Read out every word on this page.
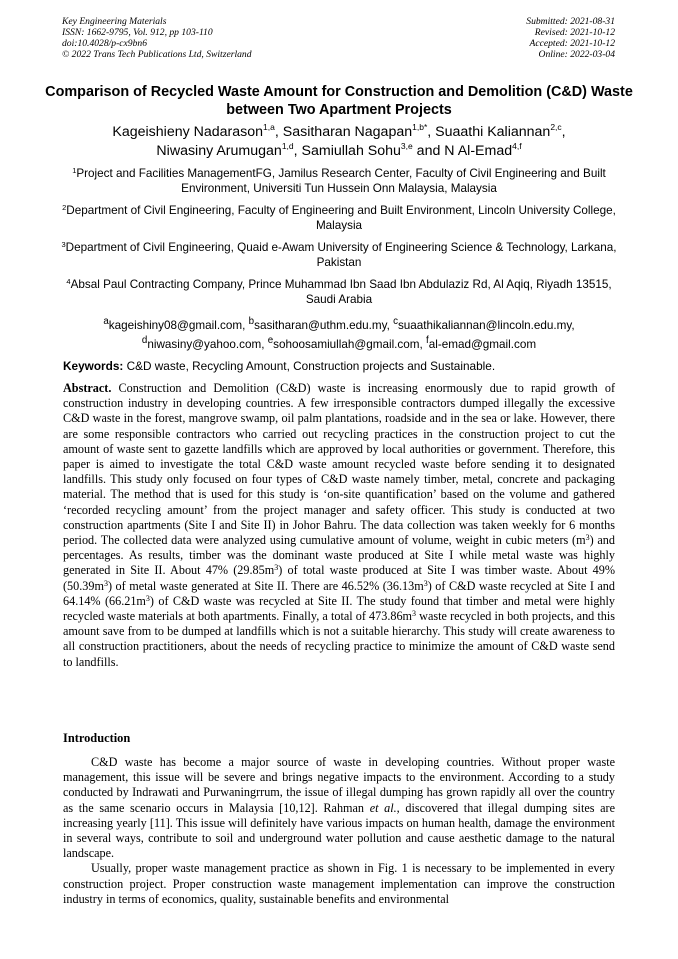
Key Engineering Materials
ISSN: 1662-9795, Vol. 912, pp 103-110
doi:10.4028/p-cx9bn6
© 2022 Trans Tech Publications Ltd, Switzerland
Submitted: 2021-08-31
Revised: 2021-10-12
Accepted: 2021-10-12
Online: 2022-03-04
Comparison of Recycled Waste Amount for Construction and Demolition (C&D) Waste between Two Apartment Projects
Kageishieny Nadarason$^{1,a}$, Sasitharan Nagapan$^{1,b*}$, Suaathi Kaliannan$^{2,c}$,
Niwasiny Arumugan$^{1,d}$, Samiullah Sohu$^{3,e}$ and N Al-Emad$^{4,f}$
$^1$Project and Facilities ManagementFG, Jamilus Research Center, Faculty of Civil Engineering and Built Environment, Universiti Tun Hussein Onn Malaysia, Malaysia
$^2$Department of Civil Engineering, Faculty of Engineering and Built Environment, Lincoln University College, Malaysia
$^3$Department of Civil Engineering, Quaid e-Awam University of Engineering Science & Technology, Larkana, Pakistan
$^4$Absal Paul Contracting Company, Prince Muhammad Ibn Saad Ibn Abdulaziz Rd, Al Aqiq, Riyadh 13515, Saudi Arabia
$^a$kageishiny08@gmail.com, $^b$sasitharan@uthm.edu.my, $^c$suaathikaliannan@lincoln.edu.my,
$^d$niwasiny@yahoo.com, $^e$sohoosamiullah@gmail.com, $^f$al-emad@gmail.com
Keywords: C&D waste, Recycling Amount, Construction projects and Sustainable.
Abstract. Construction and Demolition (C&D) waste is increasing enormously due to rapid growth of construction industry in developing countries. A few irresponsible contractors dumped illegally the excessive C&D waste in the forest, mangrove swamp, oil palm plantations, roadside and in the sea or lake. However, there are some responsible contractors who carried out recycling practices in the construction project to cut the amount of waste sent to gazette landfills which are approved by local authorities or government. Therefore, this paper is aimed to investigate the total C&D waste amount recycled waste before sending it to designated landfills. This study only focused on four types of C&D waste namely timber, metal, concrete and packaging material. The method that is used for this study is ‘on-site quantification’ based on the volume and gathered ‘recorded recycling amount’ from the project manager and safety officer. This study is conducted at two construction apartments (Site I and Site II) in Johor Bahru. The data collection was taken weekly for 6 months period. The collected data were analyzed using cumulative amount of volume, weight in cubic meters $(m^3)$ and percentages. As results, timber was the dominant waste produced at Site I while metal waste was highly generated in Site II. About 47% $(29.85m^3)$ of total waste produced at Site I was timber waste. About 49% $(50.39m^3)$ of metal waste generated at Site II. There are 46.52% $(36.13m^3)$ of C&D waste recycled at Site I and 64.14% $(66.21m^3)$ of C&D waste was recycled at Site II. The study found that timber and metal were highly recycled waste materials at both apartments. Finally, a total of $473.86m^3$ waste recycled in both projects, and this amount save from to be dumped at landfills which is not a suitable hierarchy. This study will create awareness to all construction practitioners, about the needs of recycling practice to minimize the amount of C&D waste send to landfills.
Introduction

C&D waste has become a major source of waste in developing countries. Without proper waste management, this issue will be severe and brings negative impacts to the environment. According to a study conducted by Indrawati and Purwaningrrum, the issue of illegal dumping has grown rapidly all over the country as the same scenario occurs in Malaysia [10,12]. Rahman et al., discovered that illegal dumping sites are increasing yearly [11]. This issue will definitely have various impacts on human health, damage the environment in several ways, contribute to soil and underground water pollution and cause aesthetic damage to the natural landscape.

Usually, proper waste management practice as shown in Fig. 1 is necessary to be implemented in every construction project. Proper construction waste management implementation can improve the construction industry in terms of economics, quality, sustainable benefits and environmental
